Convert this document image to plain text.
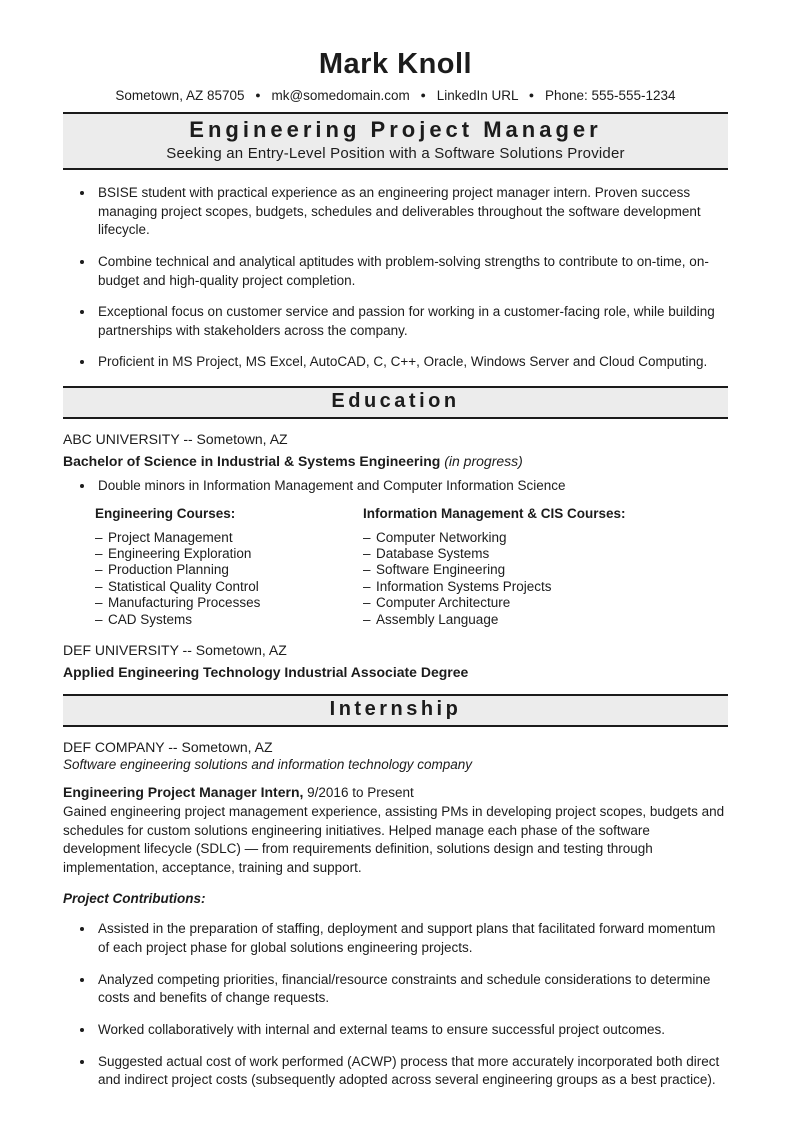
Mark Knoll
Sometown, AZ 85705 ● mk@somedomain.com ● LinkedIn URL ● Phone: 555-555-1234
Engineering Project Manager
Seeking an Entry-Level Position with a Software Solutions Provider
• BSISE student with practical experience as an engineering project manager intern. Proven success managing project scopes, budgets, schedules and deliverables throughout the software development lifecycle.
• Combine technical and analytical aptitudes with problem-solving strengths to contribute to on-time, on-budget and high-quality project completion.
• Exceptional focus on customer service and passion for working in a customer-facing role, while building partnerships with stakeholders across the company.
• Proficient in MS Project, MS Excel, AutoCAD, C, C++, Oracle, Windows Server and Cloud Computing.
Education
ABC UNIVERSITY -- Sometown, AZ
Bachelor of Science in Industrial & Systems Engineering (in progress)
• Double minors in Information Management and Computer Information Science
Engineering Courses:
– Project Management
– Engineering Exploration
– Production Planning
– Statistical Quality Control
– Manufacturing Processes
– CAD Systems
Information Management & CIS Courses:
– Computer Networking
– Database Systems
– Software Engineering
– Information Systems Projects
– Computer Architecture
– Assembly Language
DEF UNIVERSITY -- Sometown, AZ
Applied Engineering Technology Industrial Associate Degree
Internship
DEF COMPANY -- Sometown, AZ
Software engineering solutions and information technology company
Engineering Project Manager Intern, 9/2016 to Present
Gained engineering project management experience, assisting PMs in developing project scopes, budgets and schedules for custom solutions engineering initiatives. Helped manage each phase of the software development lifecycle (SDLC) — from requirements definition, solutions design and testing through implementation, acceptance, training and support.
Project Contributions:
• Assisted in the preparation of staffing, deployment and support plans that facilitated forward momentum of each project phase for global solutions engineering projects.
• Analyzed competing priorities, financial/resource constraints and schedule considerations to determine costs and benefits of change requests.
• Worked collaboratively with internal and external teams to ensure successful project outcomes.
• Suggested actual cost of work performed (ACWP) process that more accurately incorporated both direct and indirect project costs (subsequently adopted across several engineering groups as a best practice).
